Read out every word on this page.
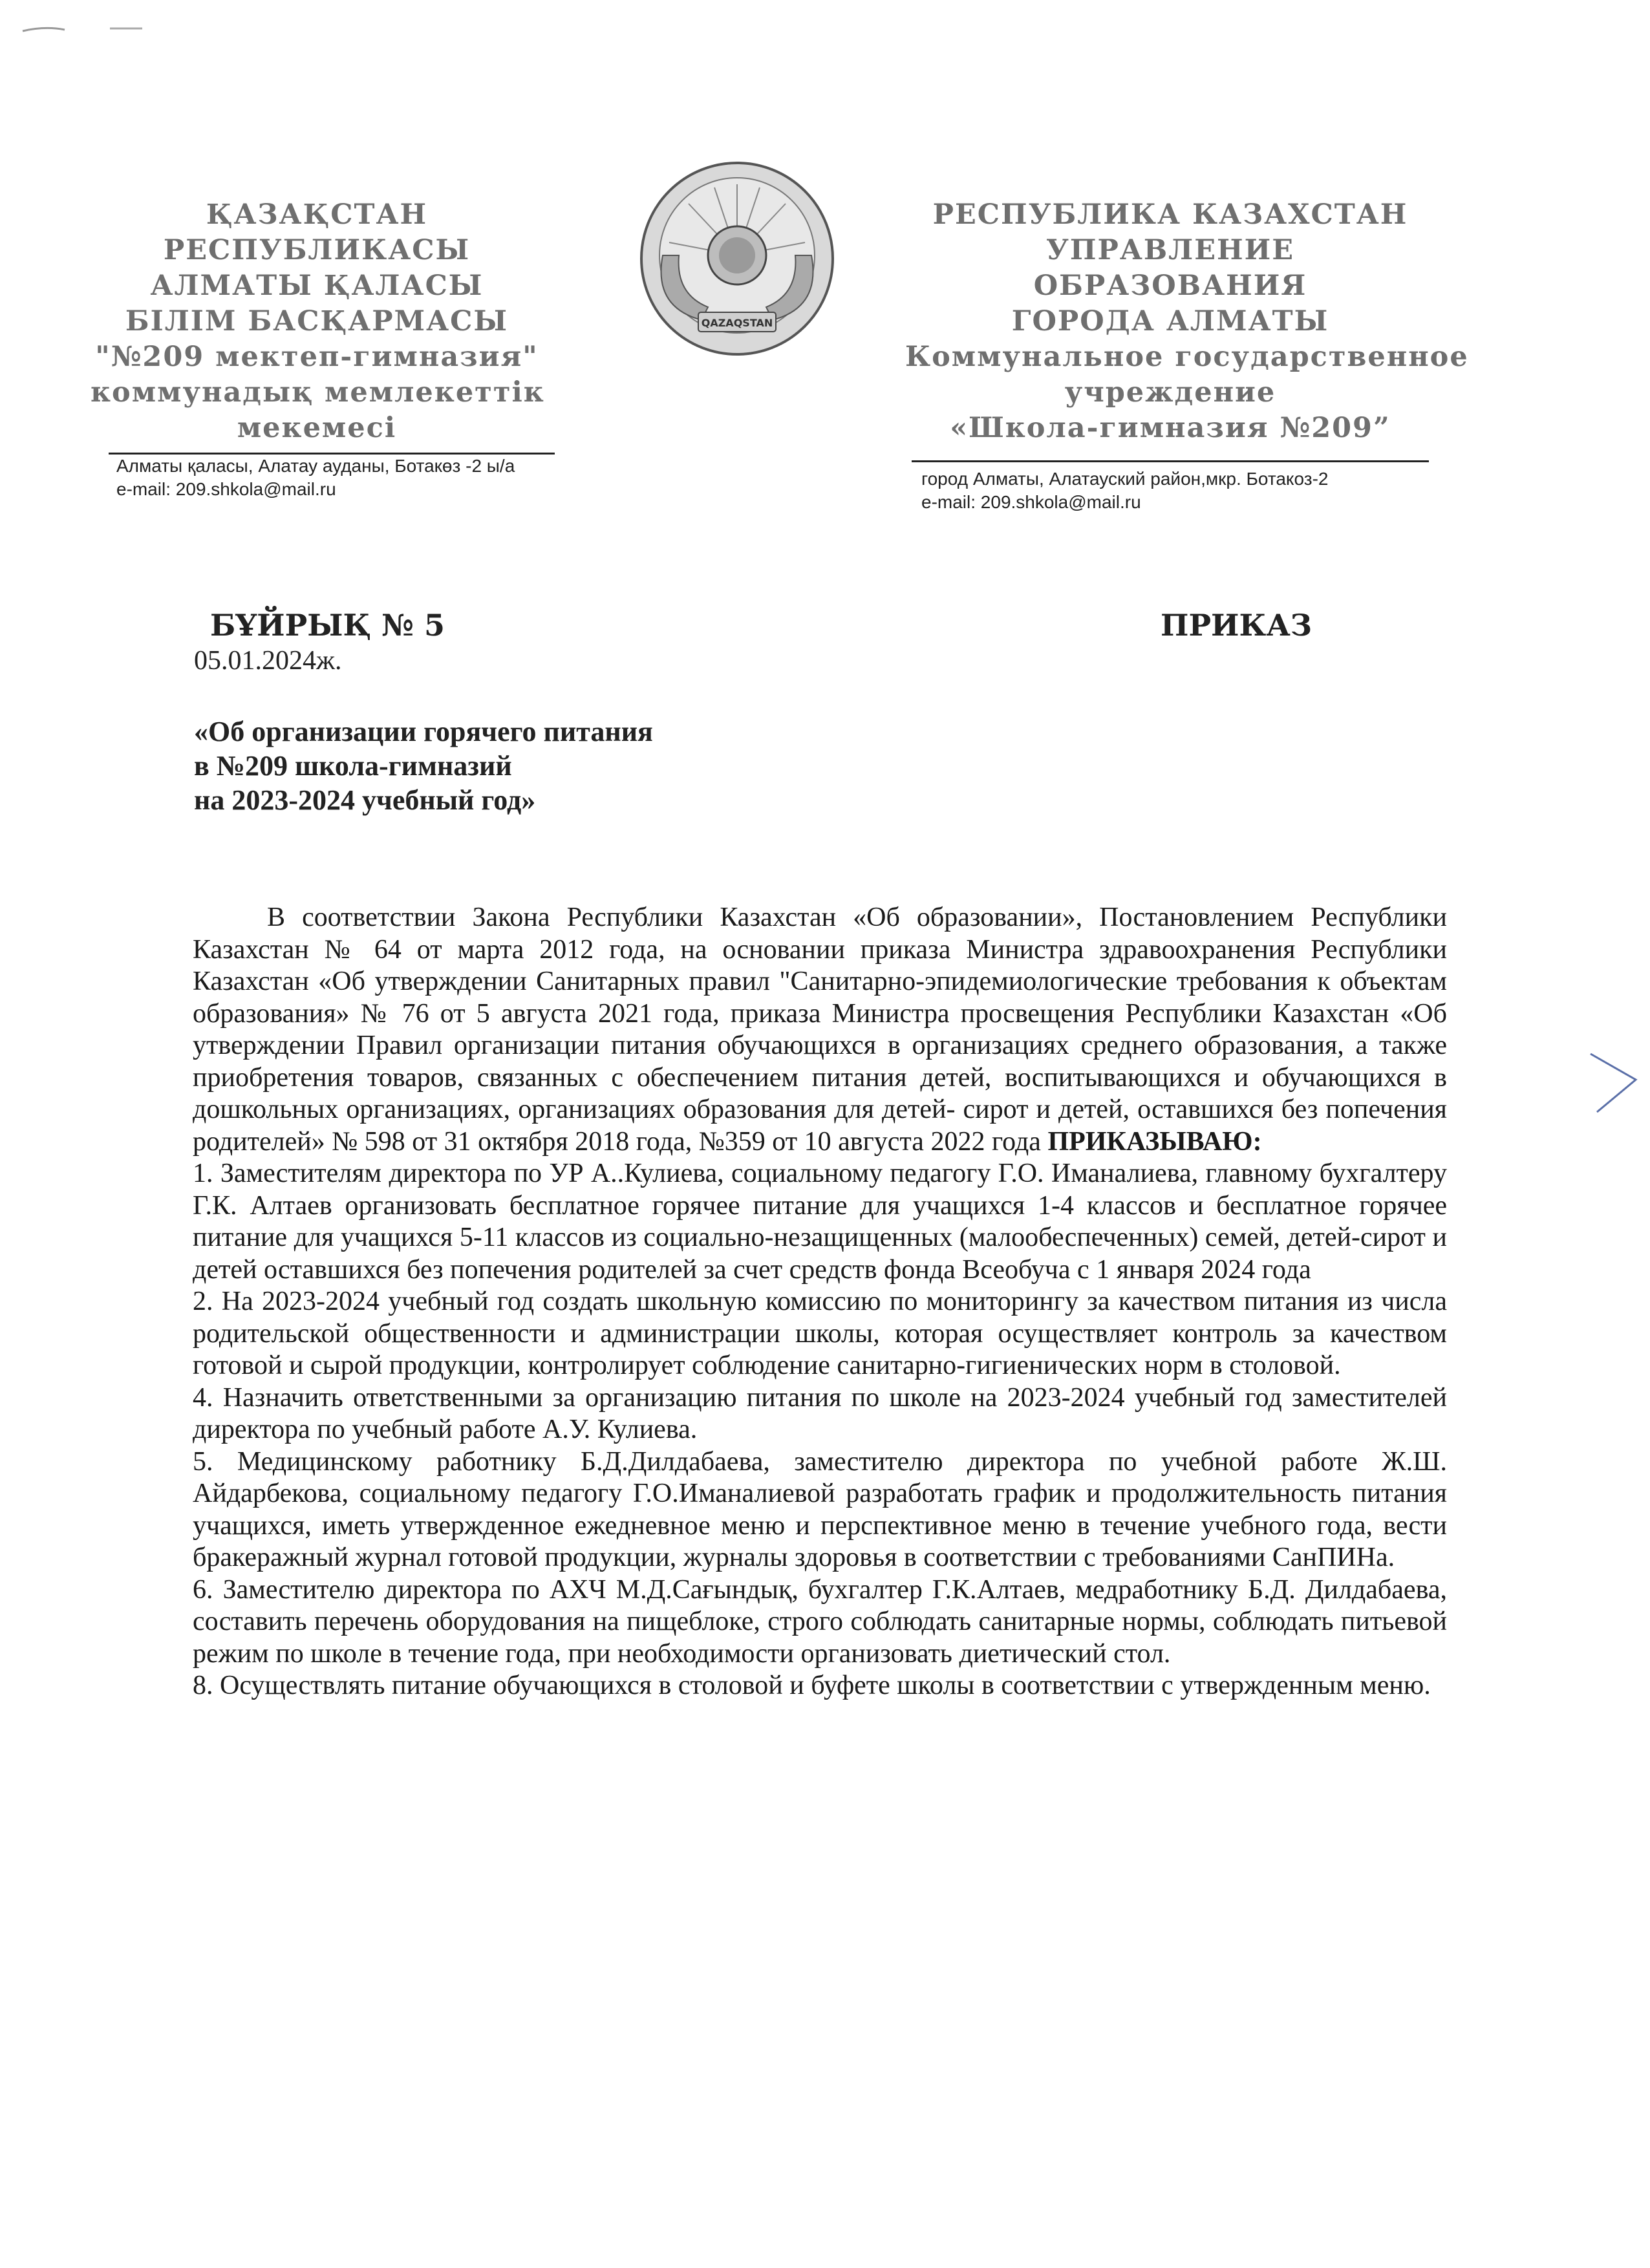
ҚАЗАҚСТАН
РЕСПУБЛИКАСЫ
АЛМАТЫ ҚАЛАСЫ
БІЛІМ БАСҚАРМАСЫ
"№209 мектеп-гимназия"
коммунадық мемлекеттік
мекемесі
QAZAQSTAN
РЕСПУБЛИКА КАЗАХСТАН
УПРАВЛЕНИЕ
ОБРАЗОВАНИЯ
ГОРОДА АЛМАТЫ
Коммунальное государственное
учреждение
«Школа-гимназия №209”
Алматы қаласы, Алатау ауданы, Ботакөз -2 ы/а
e-mail: 209.shkola@mail.ru
город Алматы, Алатауский район,мкр. Ботакоз-2
e-mail: 209.shkola@mail.ru
БҰЙРЫҚ № 5
05.01.2024ж.
ПРИКАЗ
«Об организации горячего питания
в №209 школа-гимназий
на 2023-2024 учебный год»

В соответствии Закона Республики Казахстан «Об образовании», Постановлением Республики Казахстан № 64 от марта 2012 года, на основании приказа Министра здравоохранения Республики Казахстан «Об утверждении Санитарных правил "Санитарно-эпидемиологические требования к объектам образования» № 76 от 5 августа 2021 года, приказа Министра просвещения Республики Казахстан «Об утверждении Правил организации питания обучающихся в организациях среднего образования, а также приобретения товаров, связанных с обеспечением питания детей, воспитывающихся и обучающихся в дошкольных организациях, организациях образования для детей- сирот и детей, оставшихся без попечения родителей» № 598 от 31 октября 2018 года, №359 от 10 августа 2022 года ПРИКАЗЫВАЮ:

1. Заместителям директора по УР А..Кулиева, социальному педагогу Г.О. Иманалиева, главному бухгалтеру Г.К. Алтаев организовать бесплатное горячее питание для учащихся 1-4 классов и бесплатное горячее питание для учащихся 5-11 классов из социально-незащищенных (малообеспеченных) семей, детей-сирот и детей оставшихся без попечения родителей за счет средств фонда Всеобуча с 1 января 2024 года

2. На 2023-2024 учебный год создать школьную комиссию по мониторингу за качеством питания из числа родительской общественности и администрации школы, которая осуществляет контроль за качеством готовой и сырой продукции, контролирует соблюдение санитарно-гигиенических норм в столовой.

4. Назначить ответственными за организацию питания по школе на 2023-2024 учебный год заместителей директора по учебный работе А.У. Кулиева.

5. Медицинскому работнику Б.Д.Дилдабаева, заместителю директора по учебной работе Ж.Ш. Айдарбекова, социальному педагогу Г.О.Иманалиевой разработать график и продолжительность питания учащихся, иметь утвержденное ежедневное меню и перспективное меню в течение учебного года, вести бракеражный журнал готовой продукции, журналы здоровья в соответствии с требованиями СанПИНа.

6. Заместителю директора по АХЧ М.Д.Сағындық, бухгалтер Г.К.Алтаев, медработнику Б.Д. Дилдабаева, составить перечень оборудования на пищеблоке, строго соблюдать санитарные нормы, соблюдать питьевой режим по школе в течение года, при необходимости организовать диетический стол.

8. Осуществлять питание обучающихся в столовой и буфете школы в соответствии с утвержденным меню.
